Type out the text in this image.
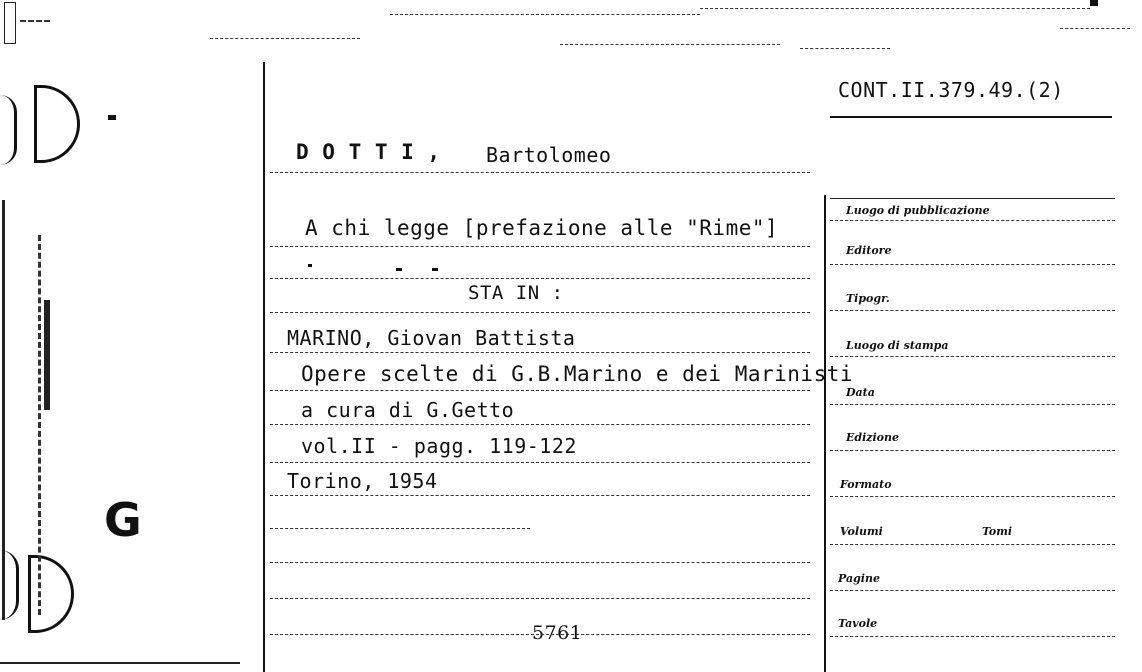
G
CONT.II.379.49.(2)
D O T T I , Bartolomeo
A chi legge [prefazione alle "Rime"]
STA IN :
MARINO, Giovan Battista
Opere scelte di G.B.Marino e dei Marinisti
a cura di G.Getto
vol.II - pagg. 119-122
Torino, 1954
5761
Luogo di pubblicazione
Editore
Tipogr.
Luogo di stampa
Data
Edizione
Formato
Volumi	Tomi
Pagine
Tavole
